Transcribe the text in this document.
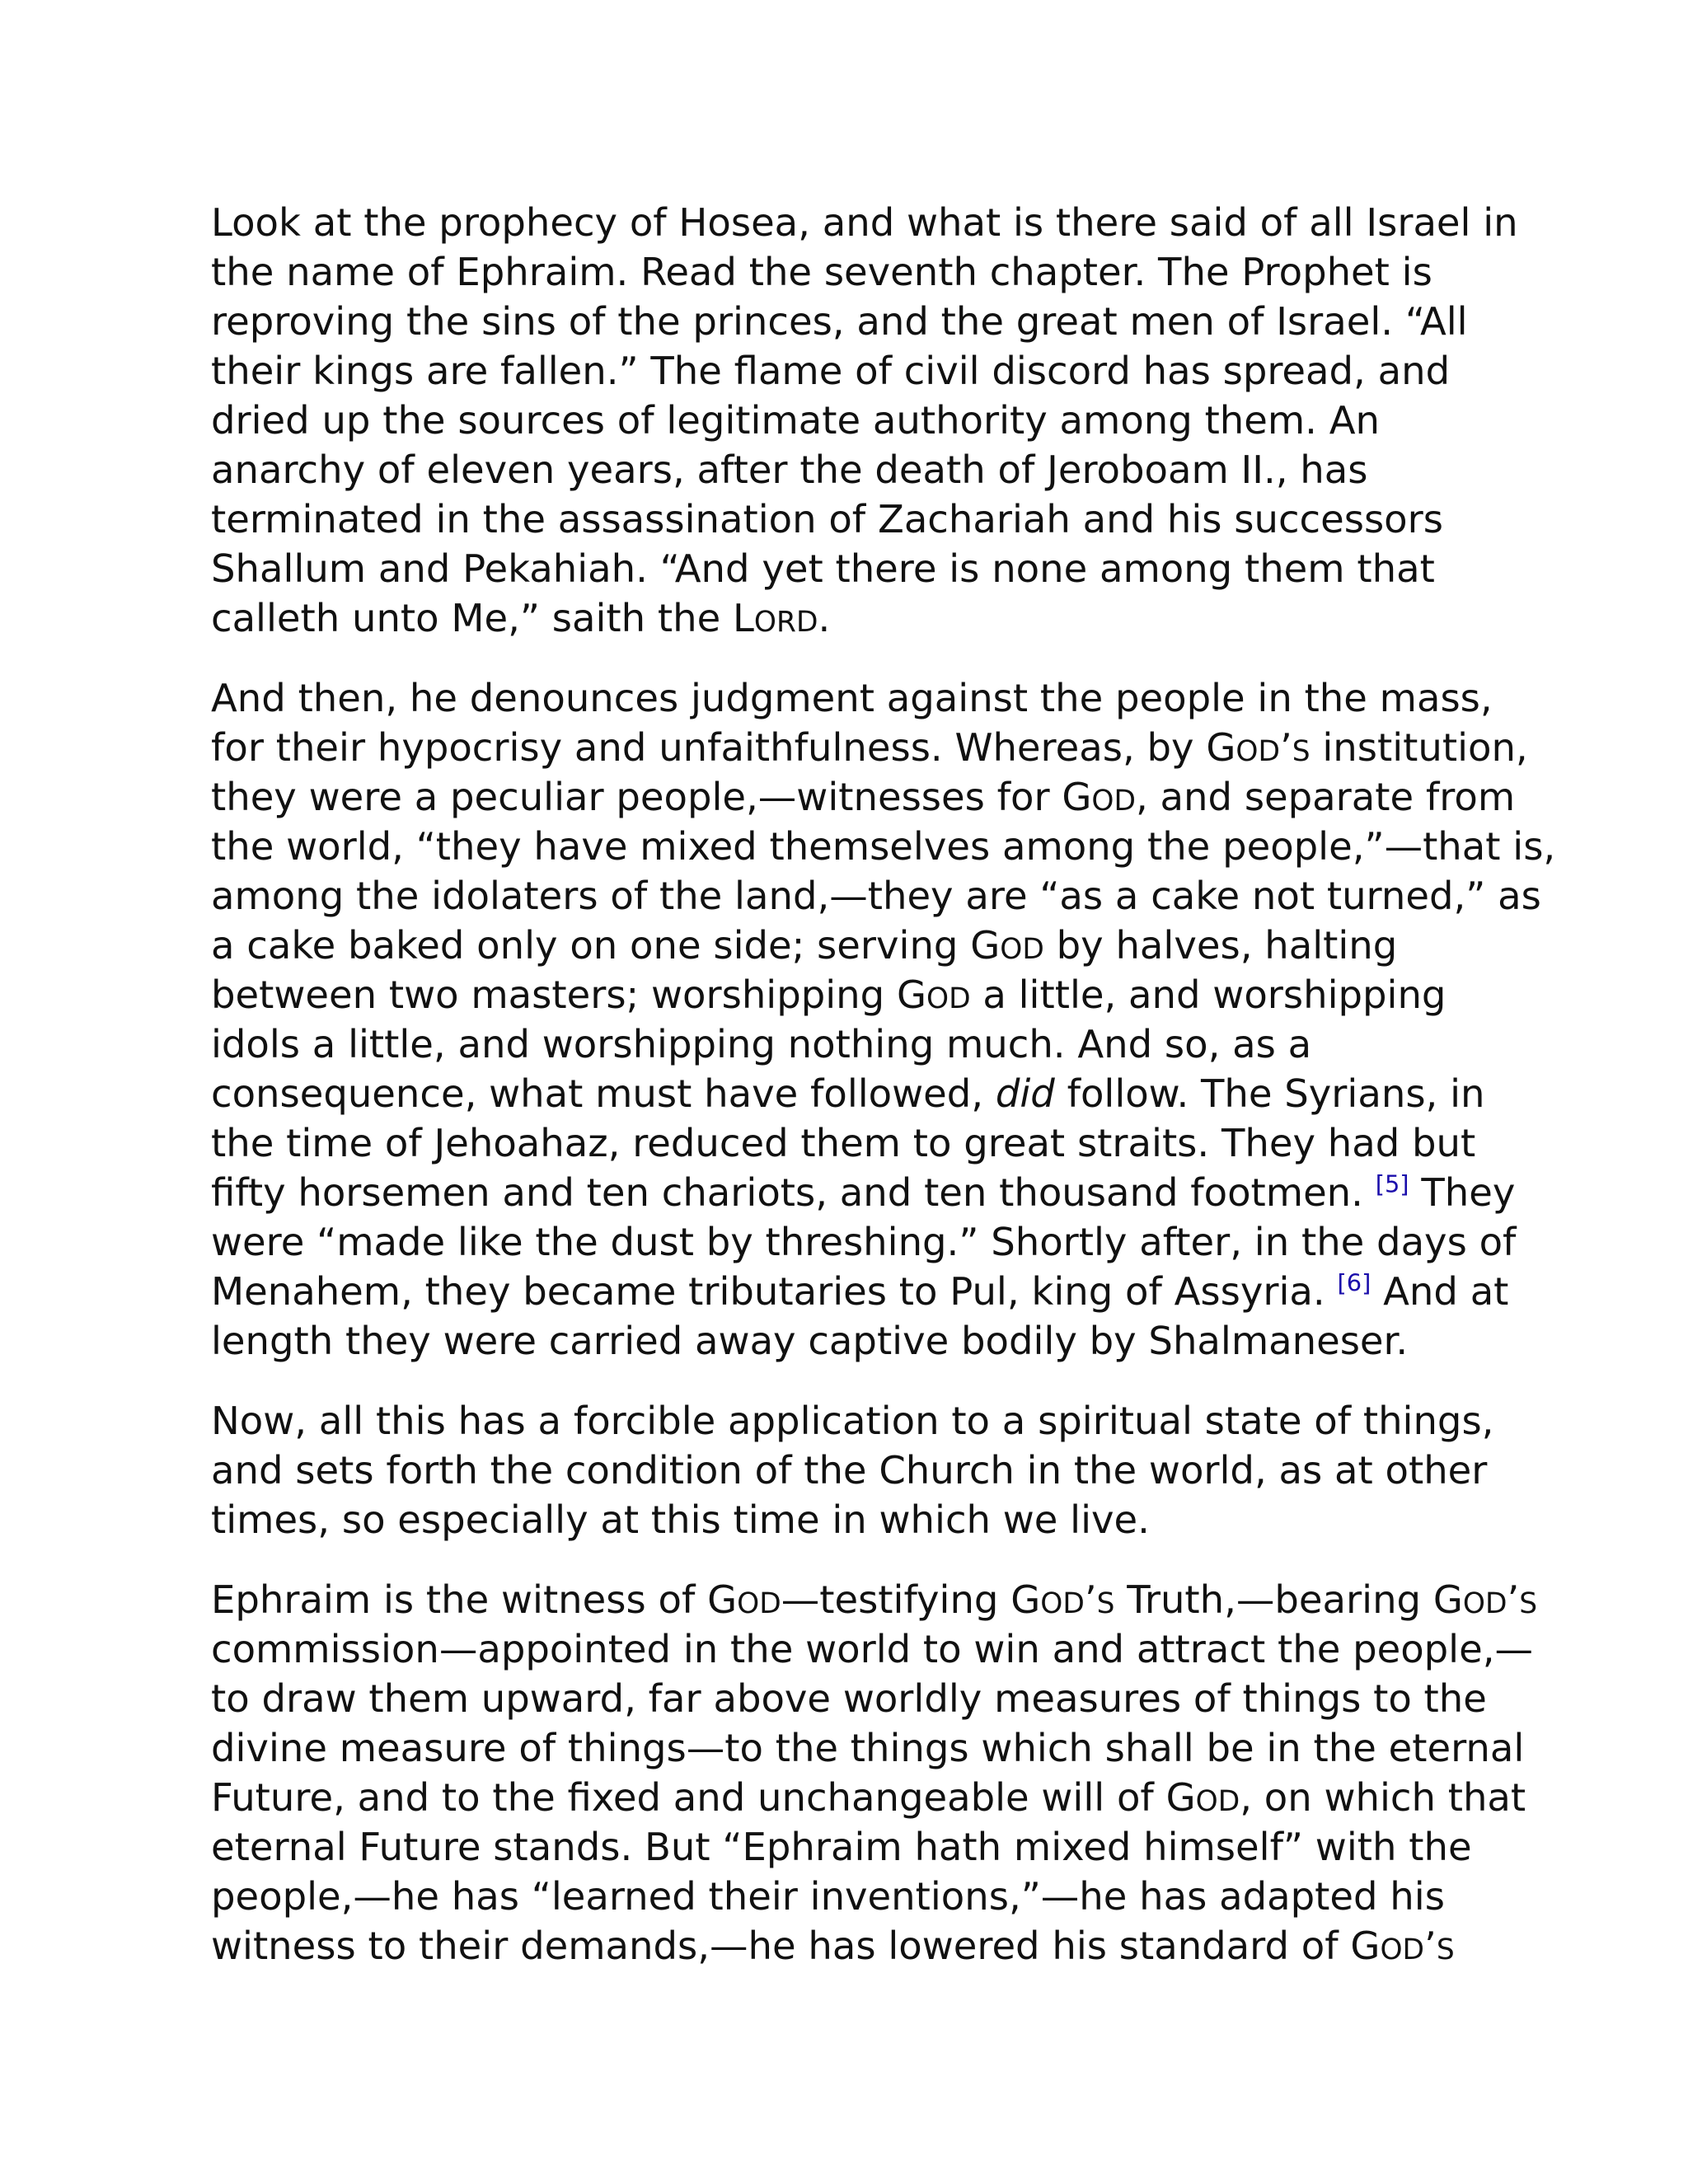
Look at the prophecy of Hosea, and what is there said of all Israel in
the name of Ephraim. Read the seventh chapter. The Prophet is
reproving the sins of the princes, and the great men of Israel. “All
their kings are fallen.” The flame of civil discord has spread, and
dried up the sources of legitimate authority among them. An
anarchy of eleven years, after the death of Jeroboam II., has
terminated in the assassination of Zachariah and his successors
Shallum and Pekahiah. “And yet there is none among them that
calleth unto Me,” saith the LORD.

And then, he denounces judgment against the people in the mass,
for their hypocrisy and unfaithfulness. Whereas, by GOD’S institution,
they were a peculiar people,—witnesses for GOD, and separate from
the world, “they have mixed themselves among the people,”—that is,
among the idolaters of the land,—they are “as a cake not turned,” as
a cake baked only on one side; serving GOD by halves, halting
between two masters; worshipping GOD a little, and worshipping
idols a little, and worshipping nothing much. And so, as a
consequence, what must have followed, did follow. The Syrians, in
the time of Jehoahaz, reduced them to great straits. They had but
fifty horsemen and ten chariots, and ten thousand footmen. [5] They
were “made like the dust by threshing.” Shortly after, in the days of
Menahem, they became tributaries to Pul, king of Assyria. [6] And at
length they were carried away captive bodily by Shalmaneser.

Now, all this has a forcible application to a spiritual state of things,
and sets forth the condition of the Church in the world, as at other
times, so especially at this time in which we live.

Ephraim is the witness of GOD—testifying GOD’S Truth,—bearing GOD’S
commission—appointed in the world to win and attract the people,—
to draw them upward, far above worldly measures of things to the
divine measure of things—to the things which shall be in the eternal
Future, and to the fixed and unchangeable will of GOD, on which that
eternal Future stands. But “Ephraim hath mixed himself” with the
people,—he has “learned their inventions,”—he has adapted his
witness to their demands,—he has lowered his standard of GOD’S
